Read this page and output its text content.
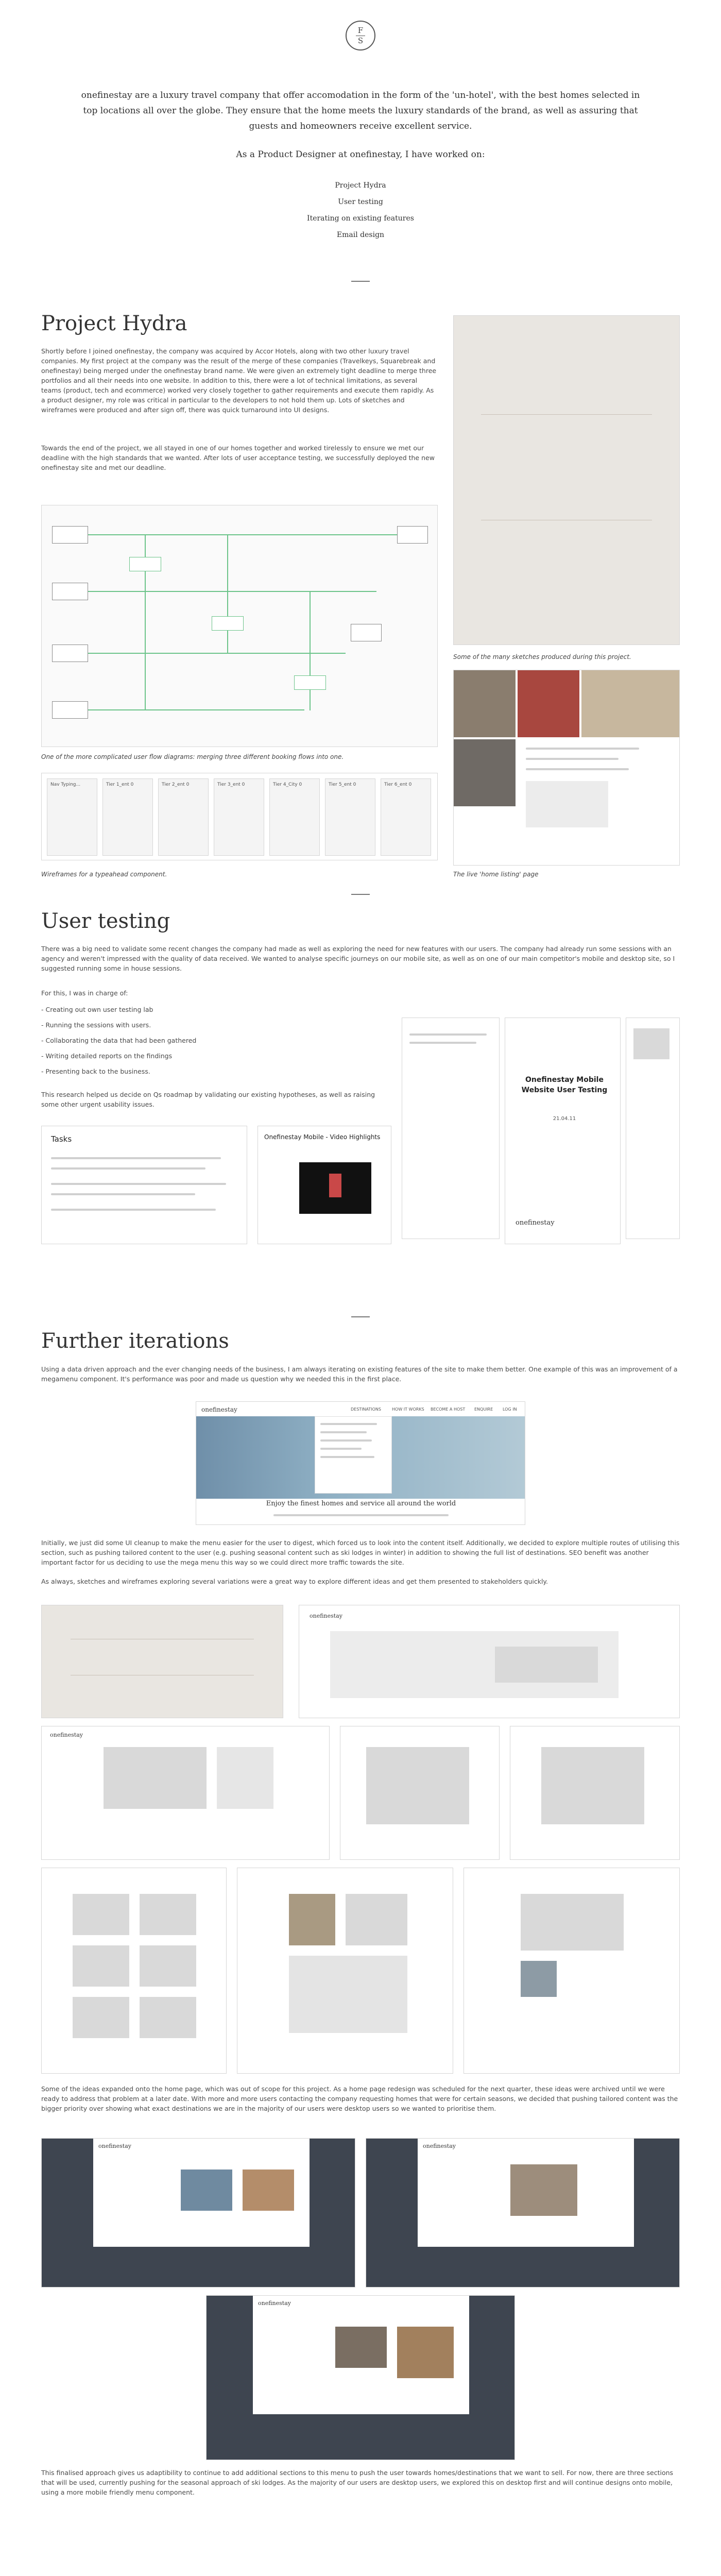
F
S

onefinestay are a luxury travel company that offer accomodation in the form of the 'un-hotel', with the best homes selected in top locations all over the globe. They ensure that the home meets the luxury standards of the brand, as well as assuring that guests and homeowners receive excellent service.

As a Product Designer at onefinestay, I have worked on:

Project Hydra
User testing
Iterating on existing features
Email design
Project Hydra

Shortly before I joined onefinestay, the company was acquired by Accor Hotels, along with two other luxury travel companies. My first project at the company was the result of the merge of these companies (Travelkeys, Squarebreak and onefinestay) being merged under the onefinestay brand name. We were given an extremely tight deadline to merge three portfolios and all their needs into one website. In addition to this, there were a lot of technical limitations, as several teams (product, tech and ecommerce) worked very closely together to gather requirements and execute them rapidly. As a product designer, my role was critical in particular to the developers to not hold them up. Lots of sketches and wireframes were produced and after sign off, there was quick turnaround into UI designs.

Towards the end of the project, we all stayed in one of our homes together and worked tirelessly to ensure we met our deadline with the high standards that we wanted. After lots of user acceptance testing, we successfully deployed the new onefinestay site and met our deadline.

One of the more complicated user flow diagrams: merging three different booking flows into one.
Some of the many sketches produced during this project.
Nav Typing...	Tier 1_ent 0	Tier 2_ent 0	Tier 3_ent 0	Tier 4_City 0	Tier 5_ent 0	Tier 6_ent 0
Wireframes for a typeahead component.	The live 'home listing' page
User testing

There was a big need to validate some recent changes the company had made as well as exploring the need for new features with our users. The company had already run some sessions with an agency and weren't impressed with the quality of data received. We wanted to analyse specific journeys on our mobile site, as well as on one of our main competitor's mobile and desktop site, so I suggested running some in house sessions.

For this, I was in charge of:
- Creating out own user testing lab
- Running the sessions with users.
- Collaborating the data that had been gathered
- Writing detailed reports on the findings
- Presenting back to the business.

This research helped us decide on Qs roadmap by validating our existing hypotheses, as well as raising some other urgent usability issues.

Tasks	Onefinestay Mobile - Video Highlights
Onefinestay Mobile Website User Testing
21.04.11
onefinestay
Further iterations

Using a data driven approach and the ever changing needs of the business, I am always iterating on existing features of the site to make them better. One example of this was an improvement of a megamenu component. It's performance was poor and made us question why we needed this in the first place.

onefinestay	DESTINATIONS	HOW IT WORKS BECOME A HOST ENQUIRE LOG IN
Enjoy the finest homes and service all around the world

Initially, we just did some UI cleanup to make the menu easier for the user to digest, which forced us to look into the content itself. Additionally, we decided to explore multiple routes of utilising this section, such as pushing tailored content to the user (e.g. pushing seasonal content such as ski lodges in winter) in addition to showing the full list of destinations. SEO benefit was another important factor for us deciding to use the mega menu this way so we could direct more traffic towards the site.

As always, sketches and wireframes exploring several variations were a great way to explore different ideas and get them presented to stakeholders quickly.

onefinestay
onefinestay

Some of the ideas expanded onto the home page, which was out of scope for this project. As a home page redesign was scheduled for the next quarter, these ideas were archived until we were ready to address that problem at a later date. With more and more users contacting the company requesting homes that were for certain seasons, we decided that pushing tailored content was the bigger priority over showing what exact destinations we are in the majority of our users were desktop users so we wanted to prioritise them.

onefinestay	onefinestay
onefinestay

This finalised approach gives us adaptibility to continue to add additional sections to this menu to push the user towards homes/destinations that we want to sell. For now, there are three sections that will be used, currently pushing for the seasonal approach of ski lodges. As the majority of our users are desktop users, we explored this on desktop first and will continue designs onto mobile, using a more mobile friendly menu component.
